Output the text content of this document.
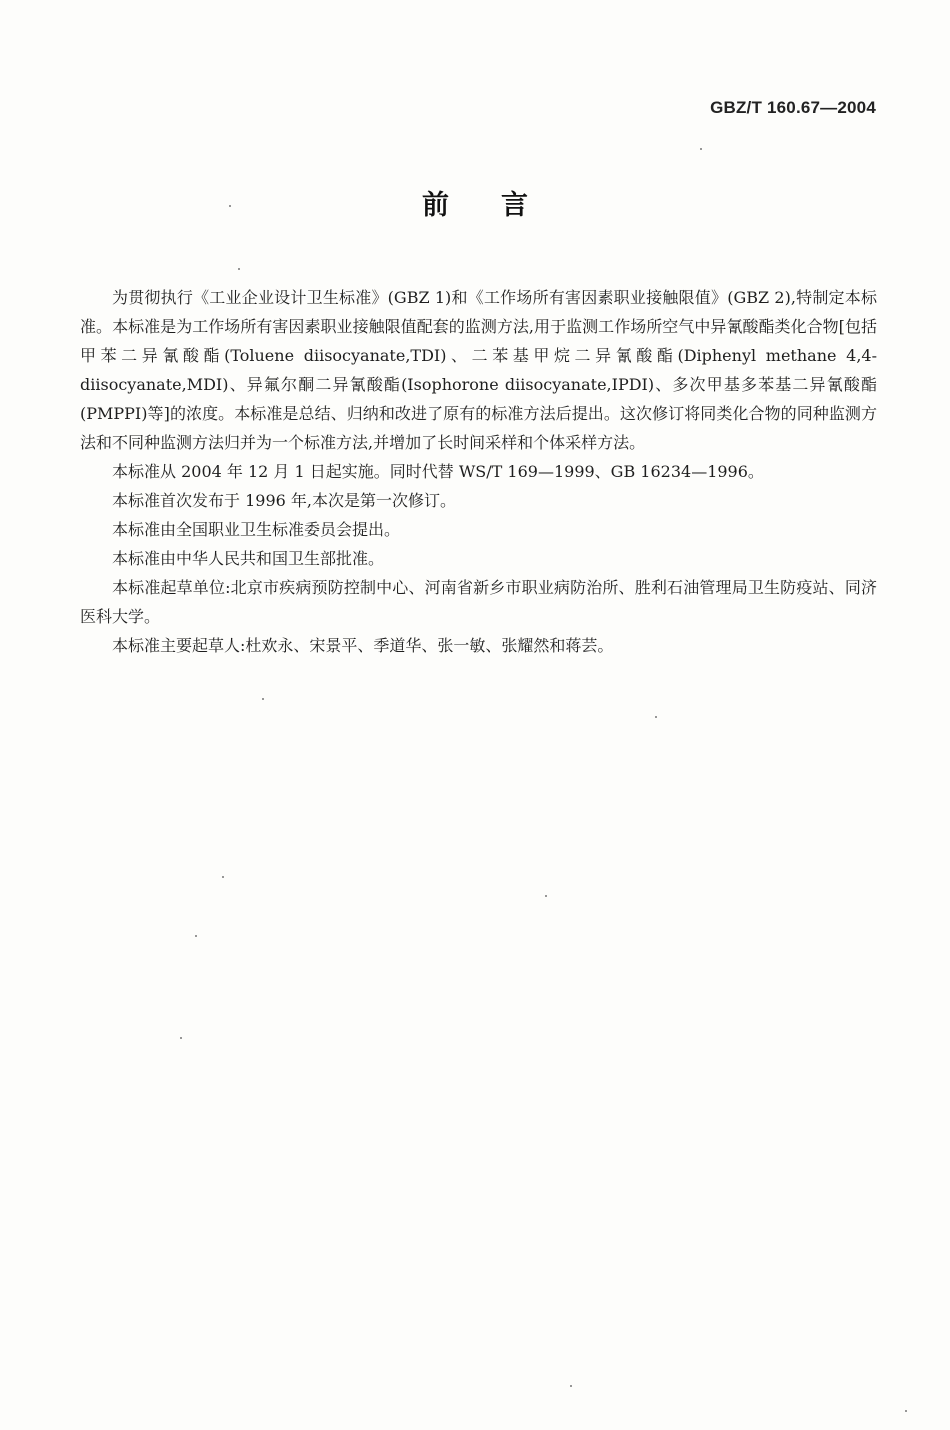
GBZ/T 160.67—2004
前言

为贯彻执行《工业企业设计卫生标准》(GBZ 1)和《工作场所有害因素职业接触限值》(GBZ 2),特制定本标准。本标准是为工作场所有害因素职业接触限值配套的监测方法,用于监测工作场所空气中异氰酸酯类化合物[包括甲苯二异氰酸酯(Toluene diisocyanate,TDI)、二苯基甲烷二异氰酸酯(Diphenyl methane 4,4-diisocyanate,MDI)、异氟尔酮二异氰酸酯(Isophorone diisocyanate,IPDI)、多次甲基多苯基二异氰酸酯(PMPPI)等]的浓度。本标准是总结、归纳和改进了原有的标准方法后提出。这次修订将同类化合物的同种监测方法和不同种监测方法归并为一个标准方法,并增加了长时间采样和个体采样方法。

本标准从 2004 年 12 月 1 日起实施。同时代替 WS/T 169—1999、GB 16234—1996。

本标准首次发布于 1996 年,本次是第一次修订。

本标准由全国职业卫生标准委员会提出。

本标准由中华人民共和国卫生部批准。

本标准起草单位:北京市疾病预防控制中心、河南省新乡市职业病防治所、胜利石油管理局卫生防疫站、同济医科大学。

本标准主要起草人:杜欢永、宋景平、季道华、张一敏、张耀然和蒋芸。
